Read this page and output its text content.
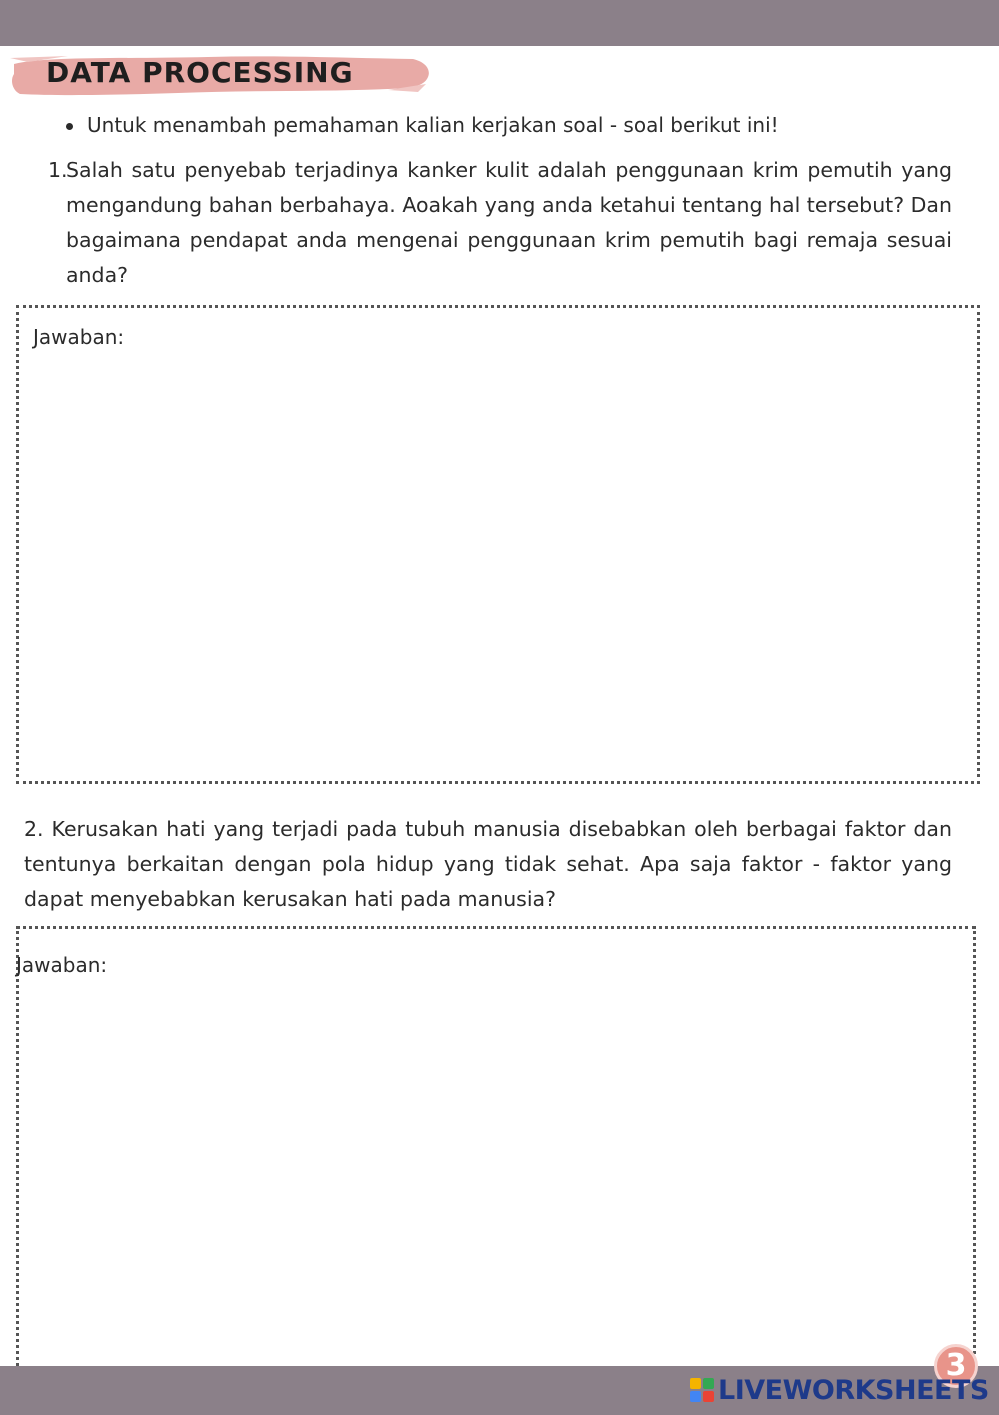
DATA PROCESSING
Untuk menambah pemahaman kalian kerjakan soal - soal berikut ini!
1.
Salah satu penyebab terjadinya kanker kulit adalah penggunaan krim pemutih yang mengandung bahan berbahaya. Aoakah yang anda ketahui tentang hal tersebut? Dan bagaimana pendapat anda mengenai penggunaan krim pemutih bagi remaja sesuai anda?
Jawaban:
2. Kerusakan hati yang terjadi pada tubuh manusia disebabkan oleh berbagai faktor dan tentunya berkaitan dengan pola hidup yang tidak sehat. Apa saja faktor - faktor yang dapat menyebabkan kerusakan hati pada manusia?
Jawaban:
3
LIVEWORKSHEETS
